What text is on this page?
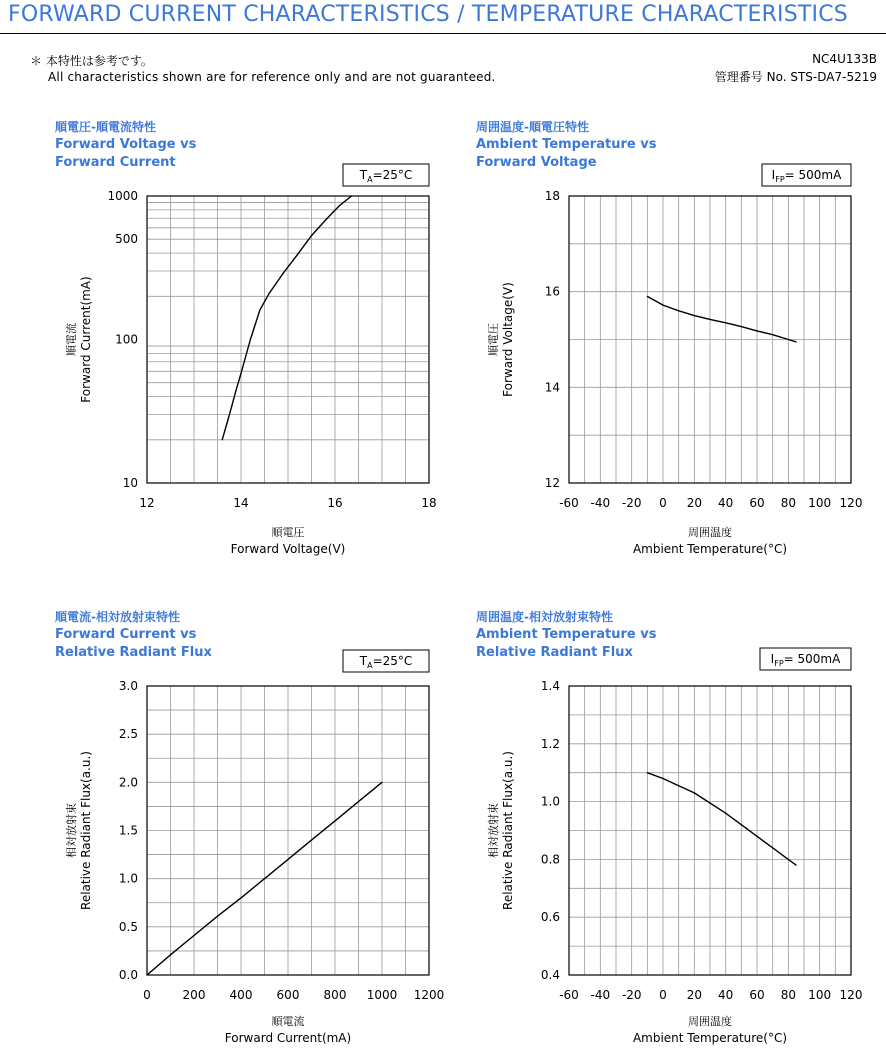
FORWARD CURRENT CHARACTERISTICS / TEMPERATURE CHARACTERISTICS
＊ 本特性は参考です。
All characteristics shown are for reference only and are not guaranteed.
NC4U133B
管理番号 No. STS-DA7-5219
順電圧-順電流特性
Forward Voltage vs
Forward Current
周囲温度-順電圧特性
Ambient Temperature vs
Forward Voltage
順電流-相対放射束特性
Forward Current vs
Relative Radiant Flux
周囲温度-相対放射束特性
Ambient Temperature vs
Relative Radiant Flux
12	14	16	18
10
100
500
1000
$T_A=25^\circ C$
順電圧
Forward Voltage(V)
順電流 Forward Current(mA)
-60 -40 -20 0 20 40 60 80 100 120
12
14
16
18
$I_{FP}= 500mA$
周囲温度
Ambient Temperature(°C)
順電圧 Forward Voltage(V)
0	200 400 600 800 1000 1200
0.0
0.5
1.0
1.5
2.0
2.5
3.0
$T_A=25^\circ C$
順電流
Forward Current(mA)
相対放射束 Relative Radiant Flux(a.u.)
-60 -40 -20 0 20 40 60 80 100 120
0.4
0.6
0.8
1.0
1.2
1.4
$I_{FP}= 500mA$
周囲温度
Ambient Temperature(°C)
相対放射束 Relative Radiant Flux(a.u.)
